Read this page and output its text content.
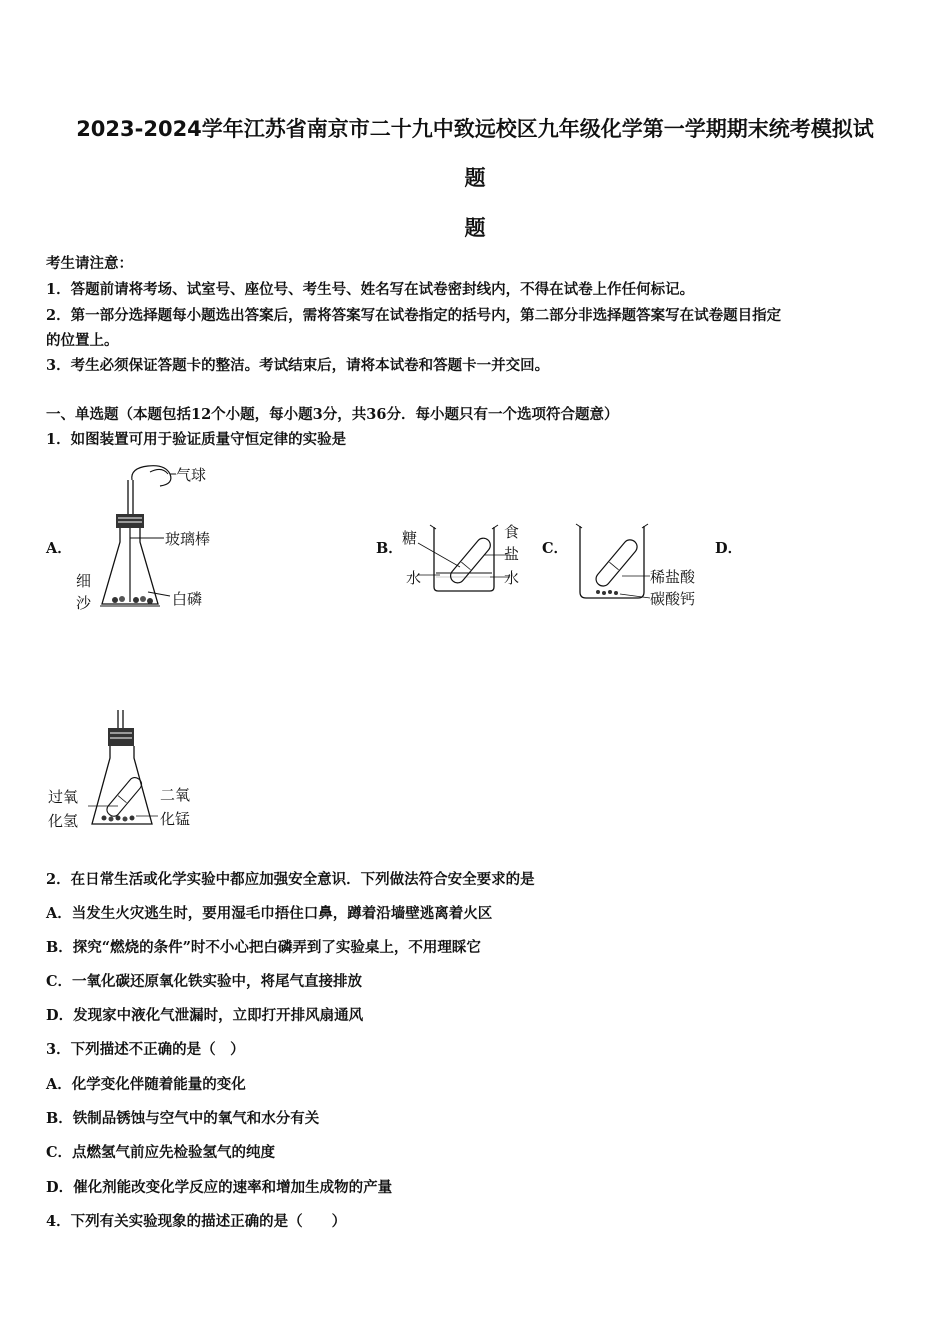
2023-2024学年江苏省南京市二十九中致远校区九年级化学第一学期期末统考模拟试
题
题
考生请注意：
1．答题前请将考场、试室号、座位号、考生号、姓名写在试卷密封线内，不得在试卷上作任何标记。
2．第一部分选择题每小题选出答案后，需将答案写在试卷指定的括号内，第二部分非选择题答案写在试卷题目指定
的位置上。
3．考生必须保证答题卡的整洁。考试结束后，请将本试卷和答题卡一并交回。
一、单选题（本题包括12个小题，每小题3分，共36分．每小题只有一个选项符合题意）
1．如图装置可用于验证质量守恒定律的实验是
A．	B．	C．	D．
气球
玻璃棒
细
沙	白磷
糖
水
食
盐
水	稀盐酸
碳酸钙
过氧
化氢
二氧
化锰
2．在日常生活或化学实验中都应加强安全意识．下列做法符合安全要求的是
A．当发生火灾逃生时，要用湿毛巾捂住口鼻，蹲着沿墙壁逃离着火区
B．探究“燃烧的条件”时不小心把白磷弄到了实验桌上，不用理睬它
C．一氧化碳还原氧化铁实验中，将尾气直接排放
D．发现家中液化气泄漏时，立即打开排风扇通风
3．下列描述不正确的是（　）
A．化学变化伴随着能量的变化
B．铁制品锈蚀与空气中的氧气和水分有关
C．点燃氢气前应先检验氢气的纯度
D．催化剂能改变化学反应的速率和增加生成物的产量
4．下列有关实验现象的描述正确的是（　　）
